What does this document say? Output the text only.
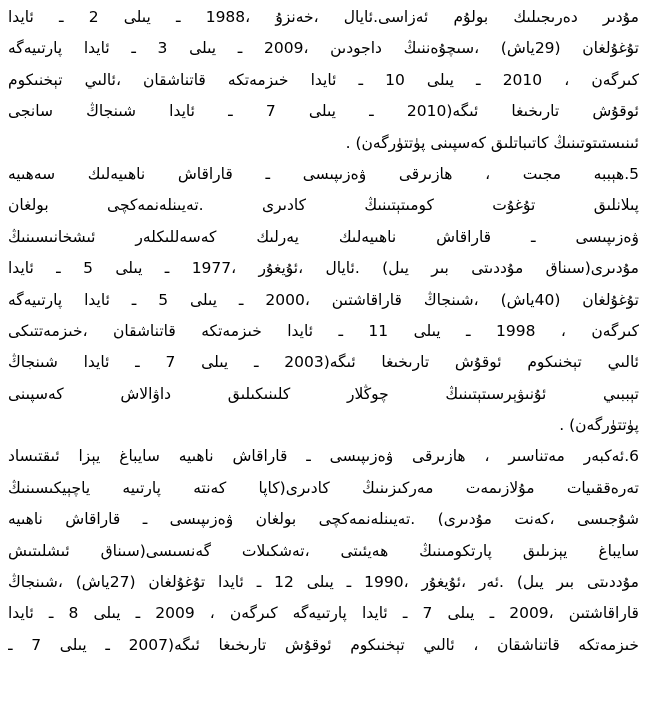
مۇدىر دەرىجىلىك بولۇم ئەزاسى.ئايال ،خەنزۇ ،1988 ـ يىلى 2 ـ ئايدا
تۇغۇلغان (29ياش) ،سىچۇەننىڭ داجودىن ،2009 ـ يىلى 3 ـ ئايدا پارتىيەگە
كىرگەن ، 2010 ـ يىلى 10 ـ ئايدا خىزمەتكە قاتناشقان ،ئالىي تېخنىكوم
ئوقۇش تارىخىغا ئىگە(2010 ـ يىلى 7 ـ ئايدا شىنجاڭ سانجى
ئىنىستىتوتىنىڭ كاتىباتلىق كەسپىنى پۈتتۈرگەن) .
5.ھېببە مجىت ، ھازىرقى ۋەزىپىسى ـ قاراقاش ناھىيەلىك سەھىيە
پىلانلىق تۇغۇت كومىتېتىنىڭ كادىرى .تەيىنلەنمەكچى بولغان
ۋەزىپىسى ـ قاراقاش ناھىيەلىك يەرلىك كەسەللىكلەر ئىشخانىسىنىڭ
مۇدىرى(سىناق مۇددىتى بىر يىل) .ئايال ،ئۇيغۇر ،1977 ـ يىلى 5 ـ ئايدا
تۇغۇلغان (40ياش) ،شىنجاڭ قاراقاشتىن ،2000 ـ يىلى 5 ـ ئايدا پارتىيەگە
كىرگەن ، 1998 ـ يىلى 11 ـ ئايدا خىزمەتكە قاتناشقان ،خىزمەتتىكى
ئالىي تېخنىكوم ئوقۇش تارىخىغا ئىگە(2003 ـ يىلى 7 ـ ئايدا شىنجاڭ
تېببىي ئۇنىۋېرسىتېتىنىڭ چوڭلار كلىنىكىلىق داۋالاش كەسپىنى
پۈتتۈرگەن) .
6.ئەكبەر مەتناسىر ، ھازىرقى ۋەزىپىسى ـ قاراقاش ناھىيە سايباغ يېزا ئىقتىساد
تەرەققىيات مۇلازىمەت مەركىزىنىڭ كادىرى(كاپا كەنتە پارتىيە ياچېيكىسىنىڭ
شۇجىسى ،كەنت مۇدىرى) .تەيىنلەنمەكچى بولغان ۋەزىپىسى ـ قاراقاش ناھىيە
سايباغ يېزىلىق پارتكومىنىڭ ھەيئىتى ،تەشكىلات گەنسىسى(سىناق ئىشلىتىش
مۇددىتى بىر يىل) .ئەر ،ئۇيغۇر ،1990 ـ يىلى 12 ـ ئايدا تۇغۇلغان (27ياش) ،شىنجاڭ
قاراقاشتىن ،2009 ـ يىلى 7 ـ ئايدا پارتىيەگە كىرگەن ، 2009 ـ يىلى 8 ـ ئايدا
خىزمەتكە قاتناشقان ، ئالىي تېخنىكوم ئوقۇش تارىخىغا ئىگە(2007 ـ يىلى 7 ـ
